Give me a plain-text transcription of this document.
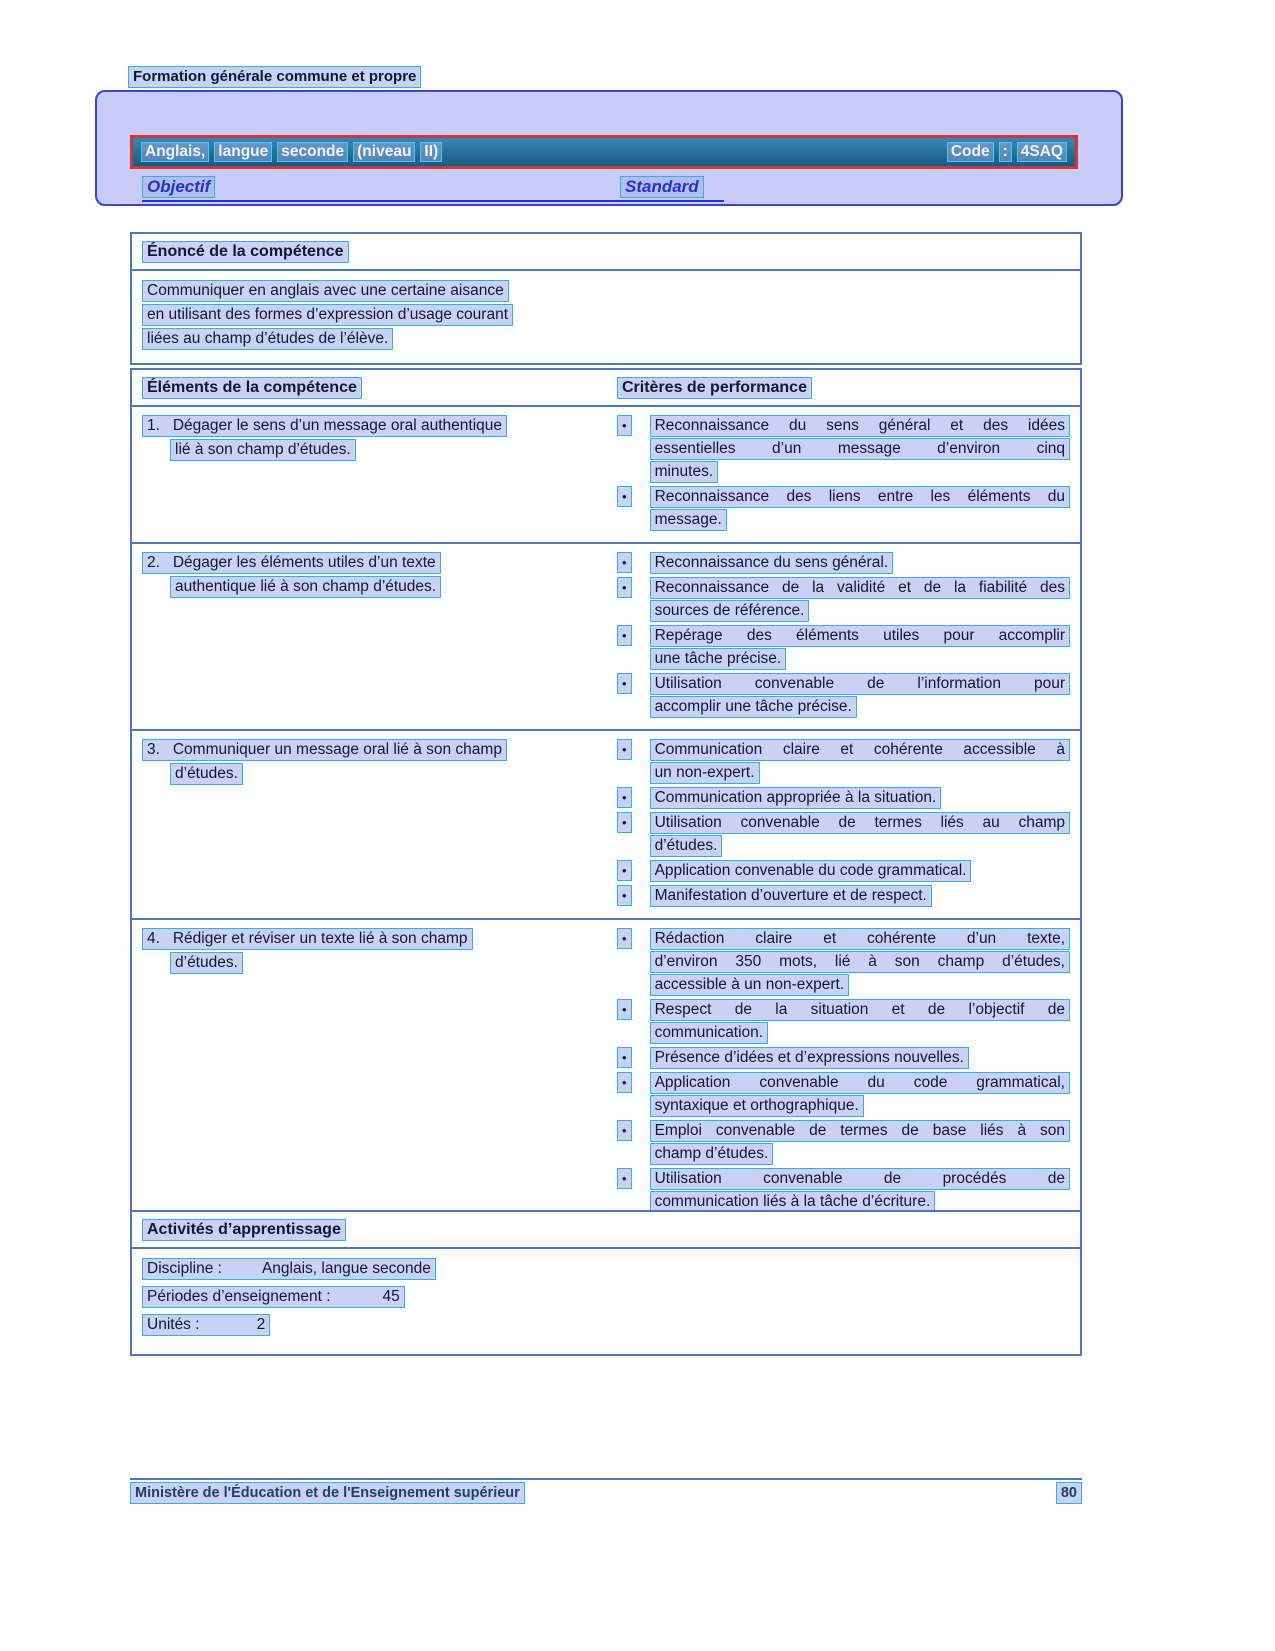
Formation générale commune et propre
Anglais, langue seconde (niveau II)	Code : 4SAQ
Objectif	Standard
Énoncé de la compétence
Communiquer en anglais avec une certaine aisance
en utilisant des formes d’expression d’usage courant
liées au champ d’études de l’élève.
Éléments de la compétence	Critères de performance
1.   Dégager le sens d’un message oral authentique
lié à son champ d’études.
•	Reconnaissance du sens général et des idées
essentielles d’un message d’environ cinq
minutes.
•	Reconnaissance des liens entre les éléments du
message.
2.   Dégager les éléments utiles d’un texte
authentique lié à son champ d’études.
•	Reconnaissance du sens général.
•	Reconnaissance de la validité et de la fiabilité des
sources de référence.
•	Repérage des éléments utiles pour accomplir
une tâche précise.
•	Utilisation convenable de l’information pour
accomplir une tâche précise.
3.   Communiquer un message oral lié à son champ
d’études.
•	Communication claire et cohérente accessible à
un non-expert.
•	Communication appropriée à la situation.
•	Utilisation convenable de termes liés au champ
d’études.
•	Application convenable du code grammatical.
•	Manifestation d’ouverture et de respect.
4.   Rédiger et réviser un texte lié à son champ
d’études.
•	Rédaction claire et cohérente d’un texte,
d’environ 350 mots, lié à son champ d’études,
accessible à un non-expert.
•	Respect de la situation et de l’objectif de
communication.
•	Présence d’idées et d’expressions nouvelles.
•	Application convenable du code grammatical,
syntaxique et orthographique.
•	Emploi convenable de termes de base liés à son
champ d’études.
•	Utilisation convenable de procédés de
communication liés à la tâche d’écriture.
Activités d’apprentissage
Discipline :	Anglais, langue seconde
Périodes d’enseignement :	45
Unités :	2
Ministère de l'Éducation et de l'Enseignement supérieur	80
